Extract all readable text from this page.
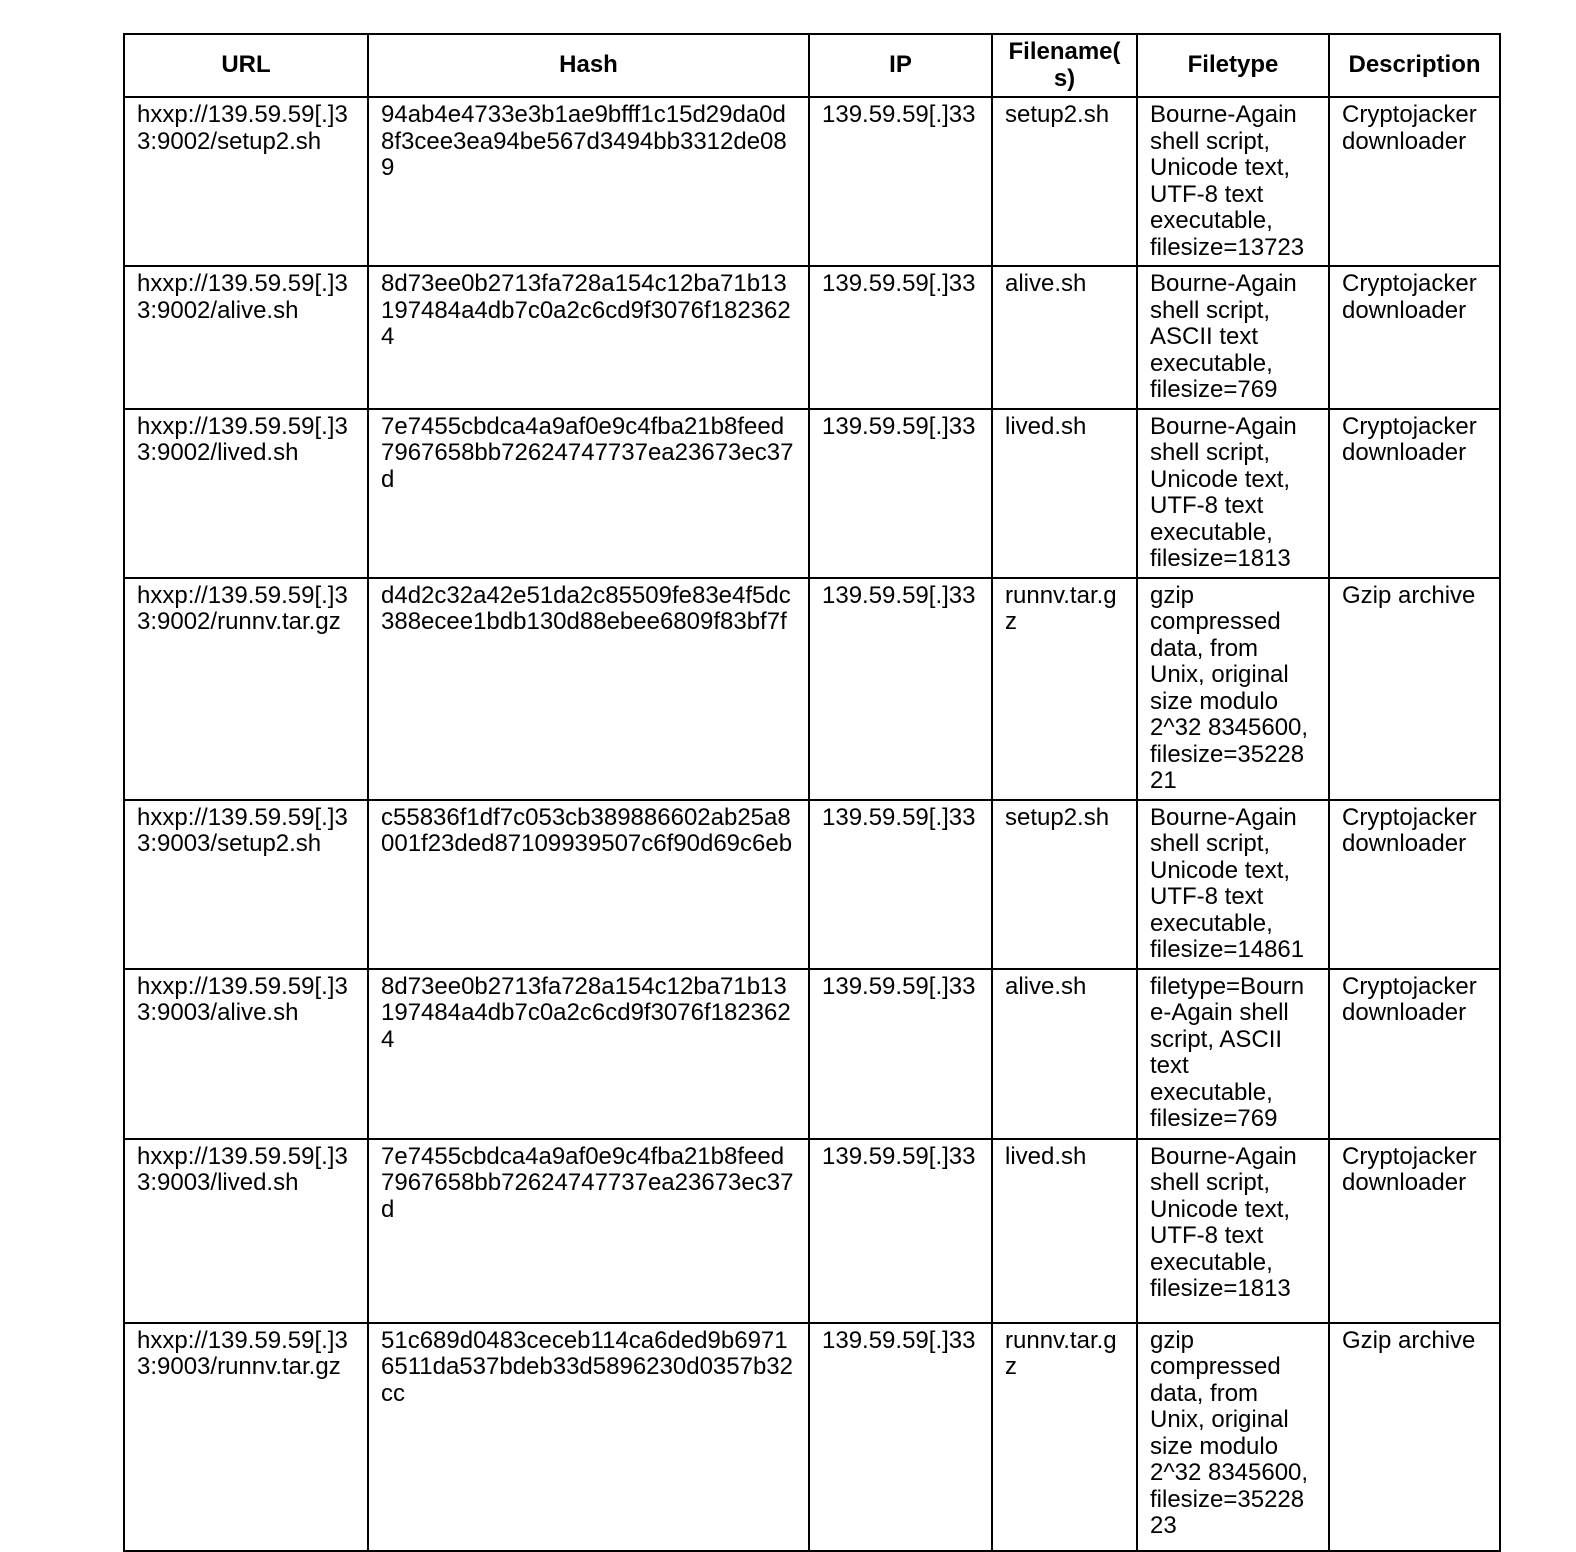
URL	Hash	IP	Filename(s)	Filetype	Description
hxxp://139.59.59[.]33:9002/setup2.sh	94ab4e4733e3b1ae9bfff1c15d29da0d8f3cee3ea94be567d3494bb3312de089	139.59.59[.]33	setup2.sh	Bourne-Again shell script, Unicode text, UTF-8 text executable, filesize=13723	Cryptojacker downloader
hxxp://139.59.59[.]33:9002/alive.sh	8d73ee0b2713fa728a154c12ba71b13197484a4db7c0a2c6cd9f3076f1823624	139.59.59[.]33	alive.sh	Bourne-Again shell script, ASCII text executable, filesize=769	Cryptojacker downloader
hxxp://139.59.59[.]33:9002/lived.sh	7e7455cbdca4a9af0e9c4fba21b8feed7967658bb72624747737ea23673ec37d	139.59.59[.]33	lived.sh	Bourne-Again shell script, Unicode text, UTF-8 text executable, filesize=1813	Cryptojacker downloader
hxxp://139.59.59[.]33:9002/runnv.tar.gz	d4d2c32a42e51da2c85509fe83e4f5dc388ecee1bdb130d88ebee6809f83bf7f	139.59.59[.]33	runnv.tar.gz	gzip compressed data, from Unix, original size modulo 2^32 8345600, filesize=3522821	Gzip archive
hxxp://139.59.59[.]33:9003/setup2.sh	c55836f1df7c053cb389886602ab25a8001f23ded87109939507c6f90d69c6eb	139.59.59[.]33	setup2.sh	Bourne-Again shell script, Unicode text, UTF-8 text executable, filesize=14861	Cryptojacker downloader
hxxp://139.59.59[.]33:9003/alive.sh	8d73ee0b2713fa728a154c12ba71b13197484a4db7c0a2c6cd9f3076f1823624	139.59.59[.]33	alive.sh	filetype=Bourne-Again shell script, ASCII text executable, filesize=769	Cryptojacker downloader
hxxp://139.59.59[.]33:9003/lived.sh	7e7455cbdca4a9af0e9c4fba21b8feed7967658bb72624747737ea23673ec37d	139.59.59[.]33	lived.sh	Bourne-Again shell script, Unicode text, UTF-8 text executable, filesize=1813	Cryptojacker downloader
hxxp://139.59.59[.]33:9003/runnv.tar.gz	51c689d0483ceceb114ca6ded9b69716511da537bdeb33d5896230d0357b32cc	139.59.59[.]33	runnv.tar.gz	gzip compressed data, from Unix, original size modulo 2^32 8345600, filesize=3522823	Gzip archive
